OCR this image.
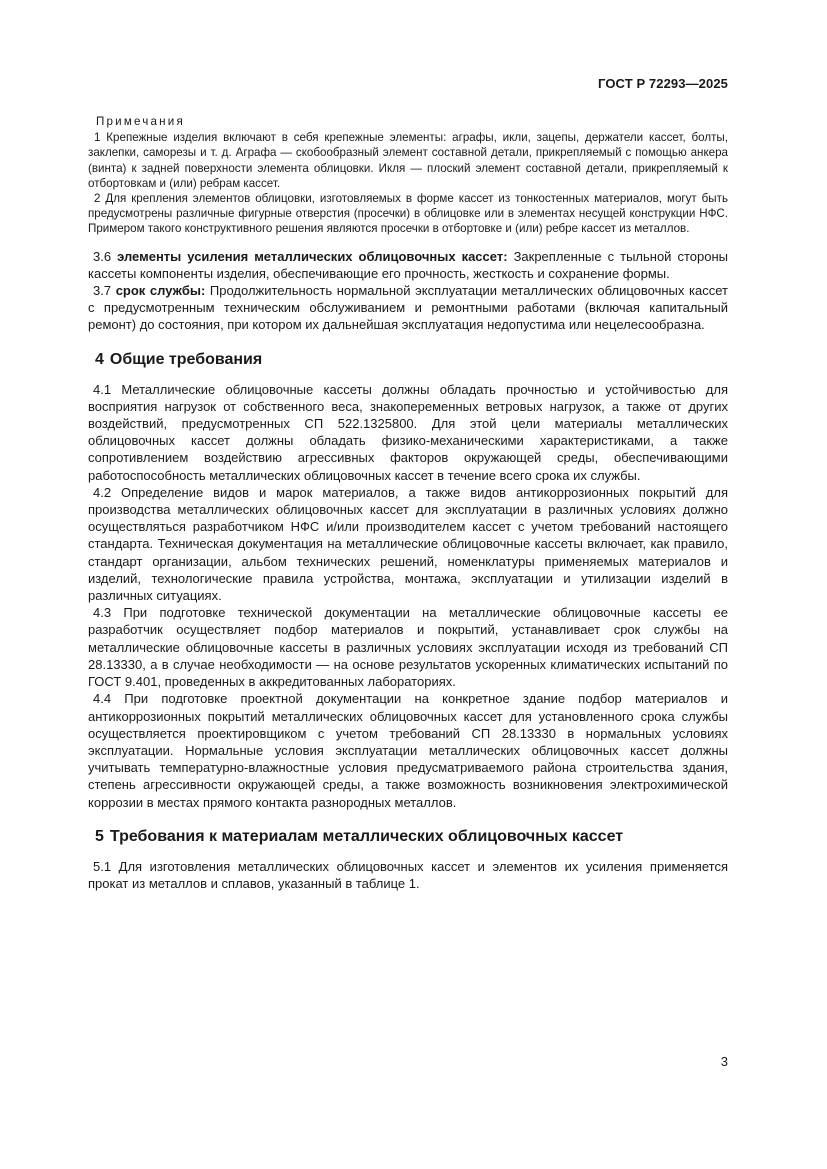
ГОСТ Р 72293—2025
Примечания

1 Крепежные изделия включают в себя крепежные элементы: аграфы, икли, зацепы, держатели кассет, болты, заклепки, саморезы и т. д. Аграфа — скобообразный элемент составной детали, прикрепляемый с помощью анкера (винта) к задней поверхности элемента облицовки. Икля — плоский элемент составной детали, прикрепляемый к отбортовкам и (или) ребрам кассет.

2 Для крепления элементов облицовки, изготовляемых в форме кассет из тонкостенных материалов, могут быть предусмотрены различные фигурные отверстия (просечки) в облицовке или в элементах несущей конструкции НФС. Примером такого конструктивного решения являются просечки в отбортовке и (или) ребре кассет из металлов.

3.6 элементы усиления металлических облицовочных кассет: Закрепленные с тыльной стороны кассеты компоненты изделия, обеспечивающие его прочность, жесткость и сохранение формы.

3.7 срок службы: Продолжительность нормальной эксплуатации металлических облицовочных кассет с предусмотренным техническим обслуживанием и ремонтными работами (включая капитальный ремонт) до состояния, при котором их дальнейшая эксплуатация недопустима или нецелесообразна.

4 Общие требования

4.1 Металлические облицовочные кассеты должны обладать прочностью и устойчивостью для восприятия нагрузок от собственного веса, знакопеременных ветровых нагрузок, а также от других воздействий, предусмотренных СП 522.1325800. Для этой цели материалы металлических облицовочных кассет должны обладать физико-механическими характеристиками, а также сопротивлением воздействию агрессивных факторов окружающей среды, обеспечивающими работоспособность металлических облицовочных кассет в течение всего срока их службы.

4.2 Определение видов и марок материалов, а также видов антикоррозионных покрытий для производства металлических облицовочных кассет для эксплуатации в различных условиях должно осуществляться разработчиком НФС и/или производителем кассет с учетом требований настоящего стандарта. Техническая документация на металлические облицовочные кассеты включает, как правило, стандарт организации, альбом технических решений, номенклатуры применяемых материалов и изделий, технологические правила устройства, монтажа, эксплуатации и утилизации изделий в различных ситуациях.

4.3 При подготовке технической документации на металлические облицовочные кассеты ее разработчик осуществляет подбор материалов и покрытий, устанавливает срок службы на металлические облицовочные кассеты в различных условиях эксплуатации исходя из требований СП 28.13330, а в случае необходимости — на основе результатов ускоренных климатических испытаний по ГОСТ 9.401, проведенных в аккредитованных лабораториях.

4.4 При подготовке проектной документации на конкретное здание подбор материалов и антикоррозионных покрытий металлических облицовочных кассет для установленного срока службы осуществляется проектировщиком с учетом требований СП 28.13330 в нормальных условиях эксплуатации. Нормальные условия эксплуатации металлических облицовочных кассет должны учитывать температурно-влажностные условия предусматриваемого района строительства здания, степень агрессивности окружающей среды, а также возможность возникновения электрохимической коррозии в местах прямого контакта разнородных металлов.

5 Требования к материалам металлических облицовочных кассет

5.1 Для изготовления металлических облицовочных кассет и элементов их усиления применяется прокат из металлов и сплавов, указанный в таблице 1.

3
